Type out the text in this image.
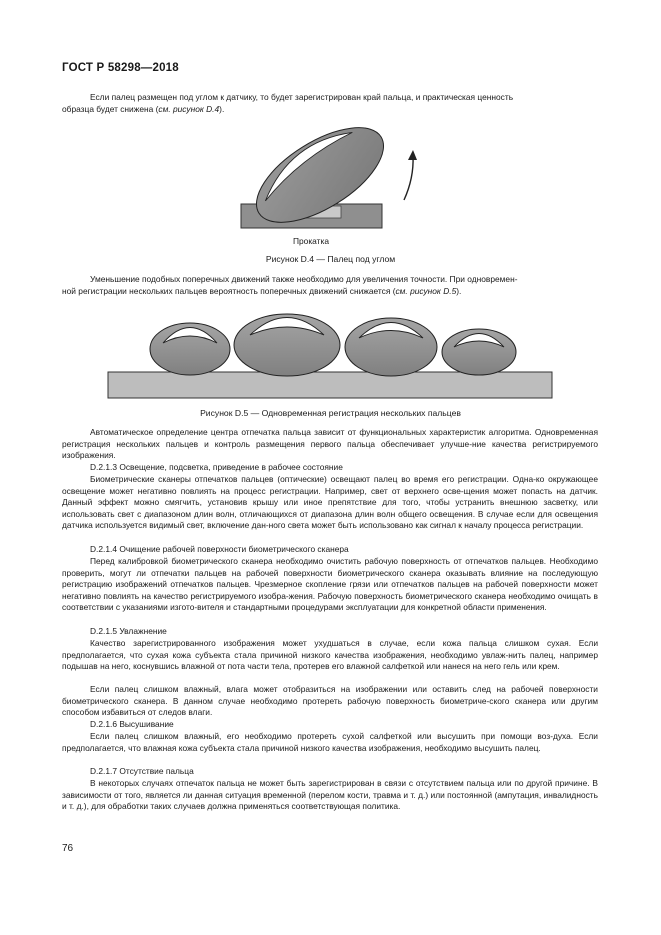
ГОСТ Р 58298—2018

Если палец размещен под углом к датчику, то будет зарегистрирован край пальца, и практическая ценность
образца будет снижена (см. рисунок D.4).

Прокатка
Рисунок D.4 — Палец под углом

Уменьшение подобных поперечных движений также необходимо для увеличения точности. При одновремен-
ной регистрации нескольких пальцев вероятность поперечных движений снижается (см. рисунок D.5).

Рисунок D.5 — Одновременная регистрация нескольких пальцев

Автоматическое определение центра отпечатка пальца зависит от функциональных характеристик алгоритма. Одновременная регистрация нескольких пальцев и контроль размещения первого пальца обеспечивает улучше-ние качества регистрируемого изображения.

D.2.1.3 Освещение, подсветка, приведение в рабочее состояние

Биометрические сканеры отпечатков пальцев (оптические) освещают палец во время его регистрации. Одна-ко окружающее освещение может негативно повлиять на процесс регистрации. Например, свет от верхнего осве-щения может попасть на датчик. Данный эффект можно смягчить, установив крышу или иное препятствие для того, чтобы устранить внешнюю засветку, или использовать свет с диапазоном длин волн, отличающихся от диапазона длин волн общего освещения. В случае если для освещения датчика используется видимый свет, включение дан-ного света может быть использовано как сигнал к началу процесса регистрации.

D.2.1.4 Очищение рабочей поверхности биометрического сканера

Перед калибровкой биометрического сканера необходимо очистить рабочую поверхность от отпечатков пальцев. Необходимо проверить, могут ли отпечатки пальцев на рабочей поверхности биометрического сканера оказывать влияние на последующую регистрацию изображений отпечатков пальцев. Чрезмерное скопление грязи или отпечатков пальцев на рабочей поверхности может негативно повлиять на качество регистрируемого изобра-жения. Рабочую поверхность биометрического сканера необходимо очищать в соответствии с указаниями изгото-вителя и стандартными процедурами эксплуатации для конкретной области применения.

D.2.1.5 Увлажнение

Качество зарегистрированного изображения может ухудшаться в случае, если кожа пальца слишком сухая. Если предполагается, что сухая кожа субъекта стала причиной низкого качества изображения, необходимо увлаж-нить палец, например подышав на него, коснувшись влажной от пота части тела, протерев его влажной салфеткой или нанеся на него гель или крем.

Если палец слишком влажный, влага может отобразиться на изображении или оставить след на рабочей поверхности биометрического сканера. В данном случае необходимо протереть рабочую поверхность биометриче-ского сканера или другим способом избавиться от следов влаги.

D.2.1.6 Высушивание

Если палец слишком влажный, его необходимо протереть сухой салфеткой или высушить при помощи воз-духа. Если предполагается, что влажная кожа субъекта стала причиной низкого качества изображения, необходимо высушить палец.

D.2.1.7 Отсутствие пальца

В некоторых случаях отпечаток пальца не может быть зарегистрирован в связи с отсутствием пальца или по другой причине. В зависимости от того, является ли данная ситуация временной (перелом кости, травма и т. д.) или постоянной (ампутация, инвалидность и т. д.), для обработки таких случаев должна применяться соответствующая политика.

76
